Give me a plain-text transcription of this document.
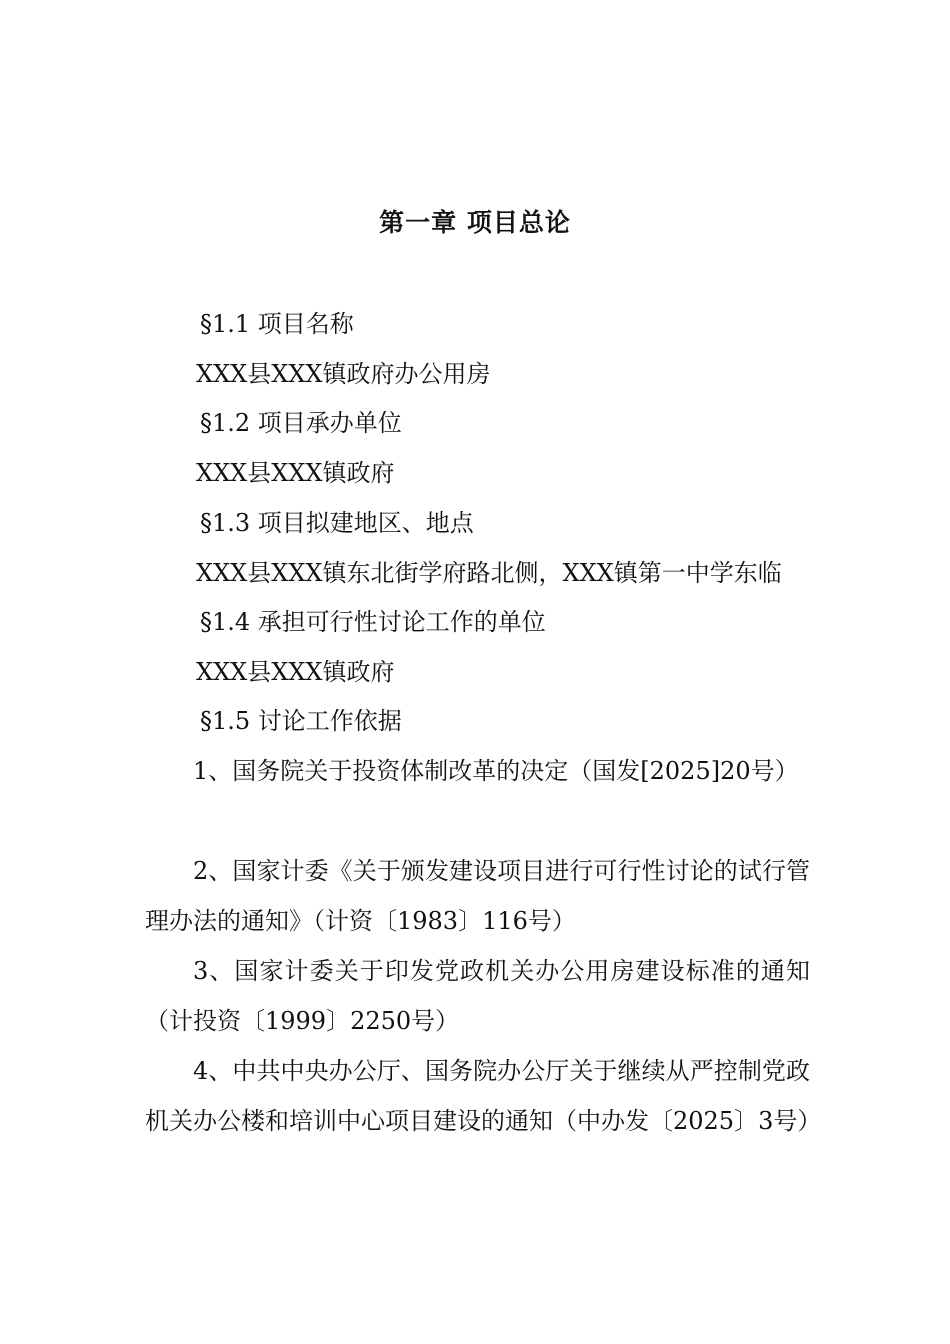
第一章 项目总论
§1.1 项目名称
XXX县XXX镇政府办公用房
§1.2 项目承办单位
XXX县XXX镇政府
§1.3 项目拟建地区、地点
XXX县XXX镇东北街学府路北侧，XXX镇第一中学东临
§1.4 承担可行性讨论工作的单位
XXX县XXX镇政府
§1.5 讨论工作依据
1、国务院关于投资体制改革的决定（国发[2025]20号）
2、国家计委《关于颁发建设项目进行可行性讨论的试行管理办法的通知》（计资〔1983〕116号）
3、国家计委关于印发党政机关办公用房建设标准的通知（计投资〔1999〕2250号）
4、中共中央办公厅、国务院办公厅关于继续从严控制党政机关办公楼和培训中心项目建设的通知（中办发〔2025〕3号）
